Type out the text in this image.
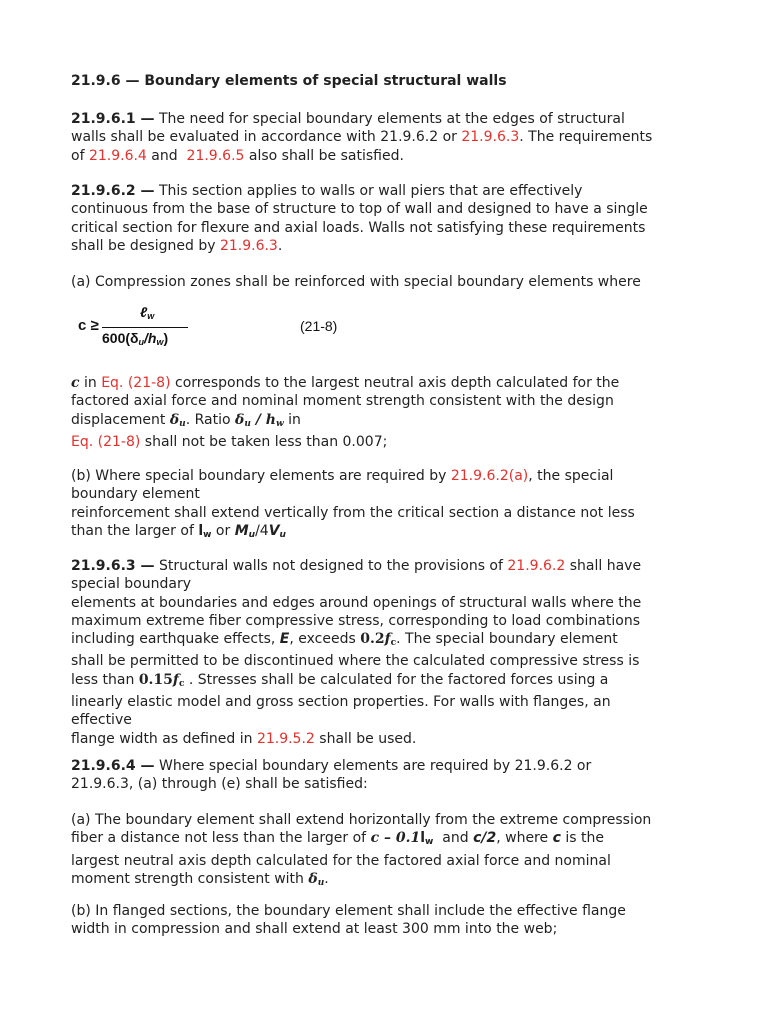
21.9.6 — Boundary elements of special structural walls
21.9.6.1 — The need for special boundary elements at the edges of structural
walls shall be evaluated in accordance with 21.9.6.2 or 21.9.6.3. The requirements
of 21.9.6.4 and  21.9.6.5 also shall be satisfied.
21.9.6.2 — This section applies to walls or wall piers that are effectively
continuous from the base of structure to top of wall and designed to have a single
critical section for flexure and axial loads. Walls not satisfying these requirements
shall be designed by 21.9.6.3.
(a) Compression zones shall be reinforced with special boundary elements where
c ≥
ℓ$_w$
$600(\delta_u/h_w)$
(21-8)
c in Eq. (21-8) corresponds to the largest neutral axis depth calculated for the
factored axial force and nominal moment strength consistent with the design
displacement $\delta_u$. Ratio $\delta_u / h_w$ in
Eq. (21-8) shall not be taken less than 0.007;
(b) Where special boundary elements are required by 21.9.6.2(a), the special
boundary element
reinforcement shall extend vertically from the critical section a distance not less
than the larger of $l_w$ or $M_u/4V_u$
21.9.6.3 — Structural walls not designed to the provisions of 21.9.6.2 shall have
special boundary
elements at boundaries and edges around openings of structural walls where the
maximum extreme fiber compressive stress, corresponding to load combinations
including earthquake effects, E, exceeds $0.2f_c$. The special boundary element
shall be permitted to be discontinued where the calculated compressive stress is
less than $0.15f_c$ . Stresses shall be calculated for the factored forces using a
linearly elastic model and gross section properties. For walls with flanges, an
effective
flange width as defined in 21.9.5.2 shall be used.
21.9.6.4 — Where special boundary elements are required by 21.9.6.2 or
21.9.6.3, (a) through (e) shall be satisfied:
(a) The boundary element shall extend horizontally from the extreme compression
fiber a distance not less than the larger of c – $0.1l_w$  and c/2, where c is the
largest neutral axis depth calculated for the factored axial force and nominal
moment strength consistent with $\delta_u$.
(b) In flanged sections, the boundary element shall include the effective flange
width in compression and shall extend at least 300 mm into the web;
